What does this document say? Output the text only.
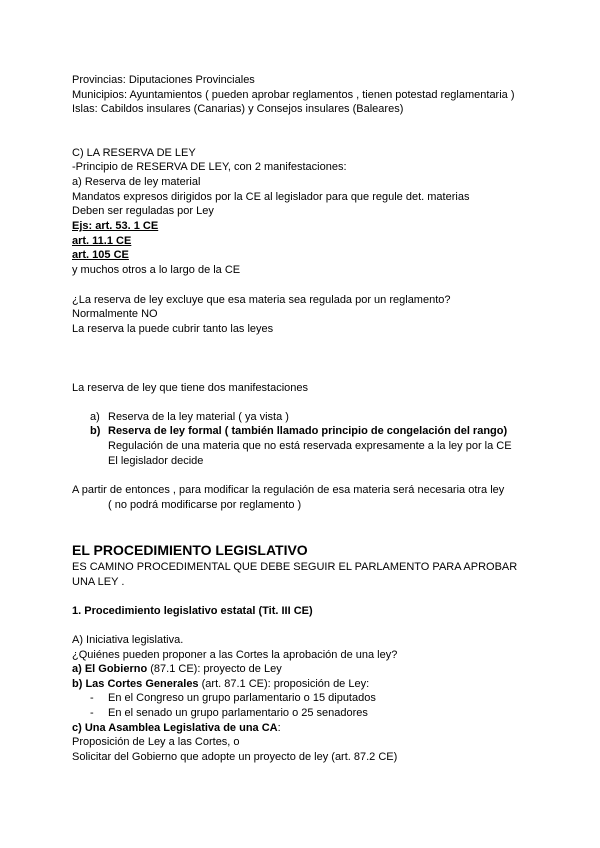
Provincias: Diputaciones Provinciales
Municipios: Ayuntamientos ( pueden aprobar reglamentos , tienen potestad reglamentaria )
Islas: Cabildos insulares (Canarias) y Consejos insulares (Baleares)
C) LA RESERVA DE LEY
-Principio de RESERVA DE LEY, con 2 manifestaciones:
a) Reserva de ley material
Mandatos expresos dirigidos por la CE al legislador para que regule det. materias
Deben ser reguladas por Ley
Ejs: art. 53. 1 CE
art. 11.1 CE
art. 105 CE
y muchos otros a lo largo de la CE
¿La reserva de ley excluye que esa materia sea regulada por un reglamento?
Normalmente NO
La reserva la puede cubrir tanto las leyes
La reserva de ley que tiene dos manifestaciones
a) Reserva de la ley material ( ya vista )
b) Reserva de ley formal ( también llamado principio de congelación del rango)
Regulación de una materia que no está reservada expresamente a la ley por la CE
El legislador decide
A partir de entonces , para modificar la regulación de esa materia será necesaria otra ley
( no podrá modificarse por reglamento )
EL PROCEDIMIENTO LEGISLATIVO
ES CAMINO PROCEDIMENTAL QUE DEBE SEGUIR EL PARLAMENTO PARA APROBAR
UNA LEY .
1. Procedimiento legislativo estatal (Tit. III CE)
A) Iniciativa legislativa.
¿Quiénes pueden proponer a las Cortes la aprobación de una ley?
a) El Gobierno (87.1 CE): proyecto de Ley
b) Las Cortes Generales (art. 87.1 CE): proposición de Ley:
- En el Congreso un grupo parlamentario o 15 diputados
- En el senado un grupo parlamentario o 25 senadores
c) Una Asamblea Legislativa de una CA:
Proposición de Ley a las Cortes, o
Solicitar del Gobierno que adopte un proyecto de ley (art. 87.2 CE)
